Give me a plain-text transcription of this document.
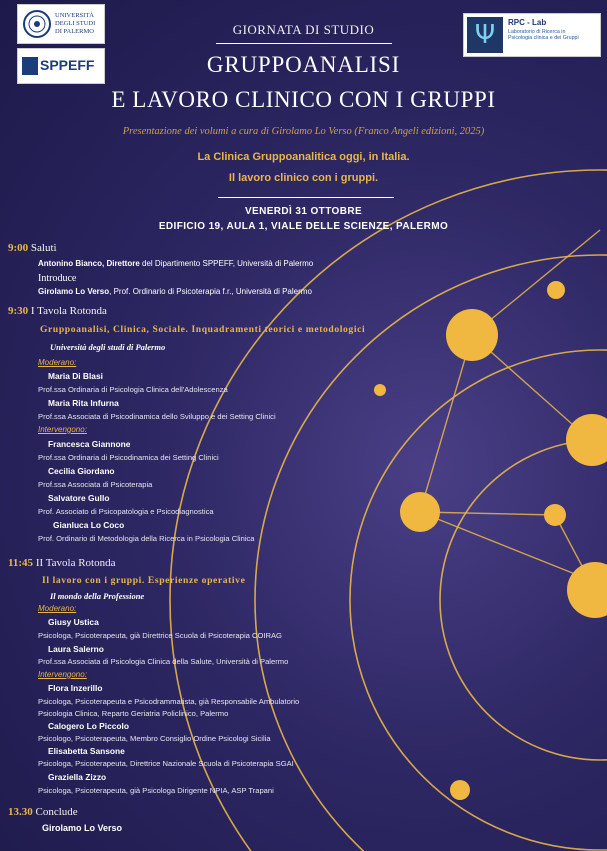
UNIVERSITÀ
DEGLI STUDI
DI PALERMO
SPPEFF
Ψ	RPC - Lab
Laboratorio di Ricerca in
Psicologia clinica e dei Gruppi
GIORNATA DI STUDIO
GRUPPOANALISI
E LAVORO CLINICO CON I GRUPPI
Presentazione dei volumi a cura di Girolamo Lo Verso (Franco Angeli edizioni, 2025)
La Clinica Gruppoanalitica oggi, in Italia.
Il lavoro clinico con i gruppi.
VENERDÌ 31 OTTOBRE
EDIFICIO 19, AULA 1, VIALE DELLE SCIENZE, PALERMO
9:00 Saluti
Antonino Bianco, Direttore del Dipartimento SPPEFF, Università di Palermo
Introduce
Girolamo Lo Verso, Prof. Ordinario di Psicoterapia f.r., Università di Palermo
9:30 I Tavola Rotonda
Gruppoanalisi, Clinica, Sociale. Inquadramenti teorici e metodologici
Università degli studi di Palermo
Moderano:
Maria Di Blasi
Prof.ssa Ordinaria di Psicologia Clinica dell'Adolescenza
Maria Rita Infurna
Prof.ssa Associata di Psicodinamica dello Sviluppo e dei Setting Clinici
Intervengono:
Francesca Giannone
Prof.ssa Ordinaria di Psicodinamica dei Setting Clinici
Cecilia Giordano
Prof.ssa Associata di Psicoterapia
Salvatore Gullo
Prof. Associato di Psicopatologia e Psicodiagnostica
Gianluca Lo Coco
Prof. Ordinario di Metodologia della Ricerca in Psicologia Clinica
11:45 II Tavola Rotonda
Il lavoro con i gruppi. Esperienze operative
Il mondo della Professione
Moderano:
Giusy Ustica
Psicologa, Psicoterapeuta, già Direttrice Scuola di Psicoterapia COIRAG
Laura Salerno
Prof.ssa Associata di Psicologia Clinica della Salute, Università di Palermo
Intervengono:
Flora Inzerillo
Psicologa, Psicoterapeuta e Psicodrammatista, già Responsabile Ambulatorio
Psicologia Clinica, Reparto Geriatria Policlinico, Palermo
Calogero Lo Piccolo
Psicologo, Psicoterapeuta, Membro Consiglio Ordine Psicologi Sicilia
Elisabetta Sansone
Psicologa, Psicoterapeuta, Direttrice Nazionale Scuola di Psicoterapia SGAI
Graziella Zizzo
Psicologa, Psicoterapeuta, già Psicologa Dirigente NPIA, ASP Trapani
13.30 Conclude
Girolamo Lo Verso
